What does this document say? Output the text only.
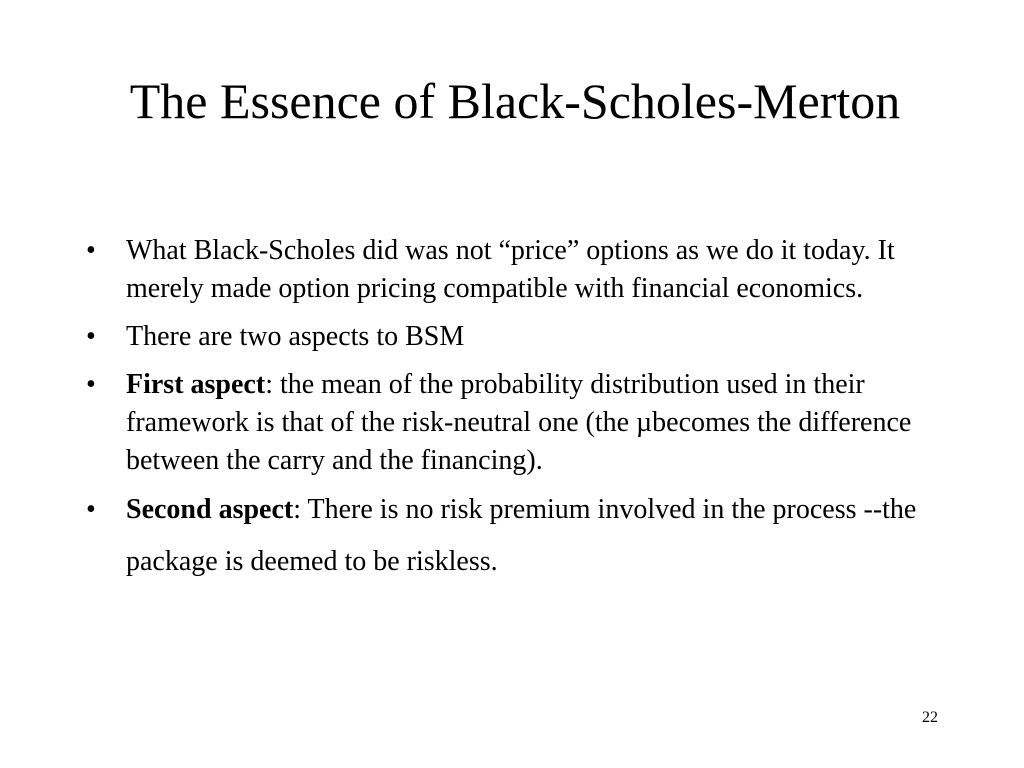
The Essence of Black-Scholes-Merton
• What Black-Scholes did was not “price” options as we do it today. It merely made option pricing compatible with financial economics.
• There are two aspects to BSM
• First aspect: the mean of the probability distribution used in their framework is that of the risk-neutral one (the µbecomes the difference between the carry and the financing).
• Second aspect: There is no risk premium involved in the process --the package is deemed to be riskless.
22
